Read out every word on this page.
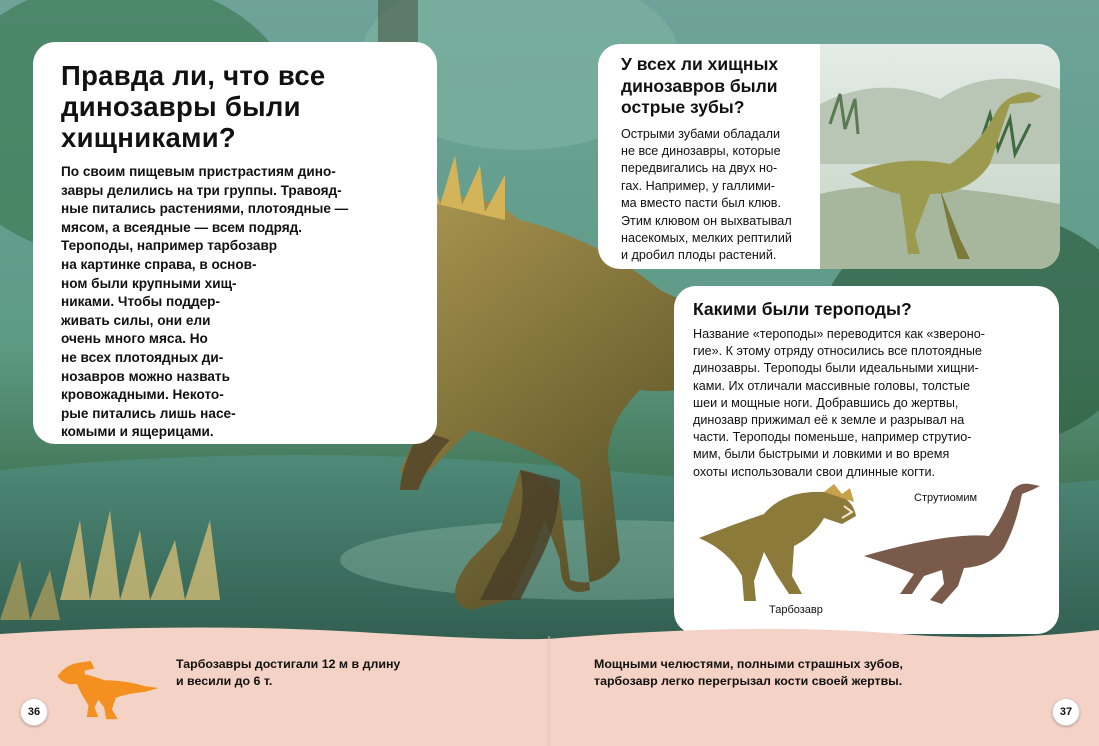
Правда ли, что все
динозавры были
хищниками?
По своим пищевым пристрастиям дино-
завры делились на три группы. Травояд-
ные питались растениями, плотоядные —
мясом, а всеядные — всем подряд.
Тероподы, например тарбозавр
на картинке справа, в основ-
ном были крупными хищ-
никами. Чтобы поддер-
живать силы, они ели
очень много мяса. Но
не всех плотоядных ди-
нозавров можно назвать
кровожадными. Некото-
рые питались лишь насе-
комыми и ящерицами.
У всех ли хищных
динозавров были
острые зубы?
Острыми зубами обладали
не все динозавры, которые
передвигались на двух но-
гах. Например, у галлими-
ма вместо пасти был клюв.
Этим клювом он выхватывал
насекомых, мелких рептилий
и дробил плоды растений.
Какими были тероподы?
Название «тероподы» переводится как «звероно-
гие». К этому отряду относились все плотоядные
динозавры. Тероподы были идеальными хищни-
ками. Их отличали массивные головы, толстые
шеи и мощные ноги. Добравшись до жертвы,
динозавр прижимал её к земле и разрывал на
части. Тероподы поменьше, например струтио-
мим, были быстрыми и ловкими и во время
охоты использовали свои длинные когти.
Тарбозавр
Струтиомим
Тарбозавры достигали 12 м в длину
и весили до 6 т.
Мощными челюстями, полными страшных зубов,
тарбозавр легко перегрызал кости своей жертвы.
36	37
